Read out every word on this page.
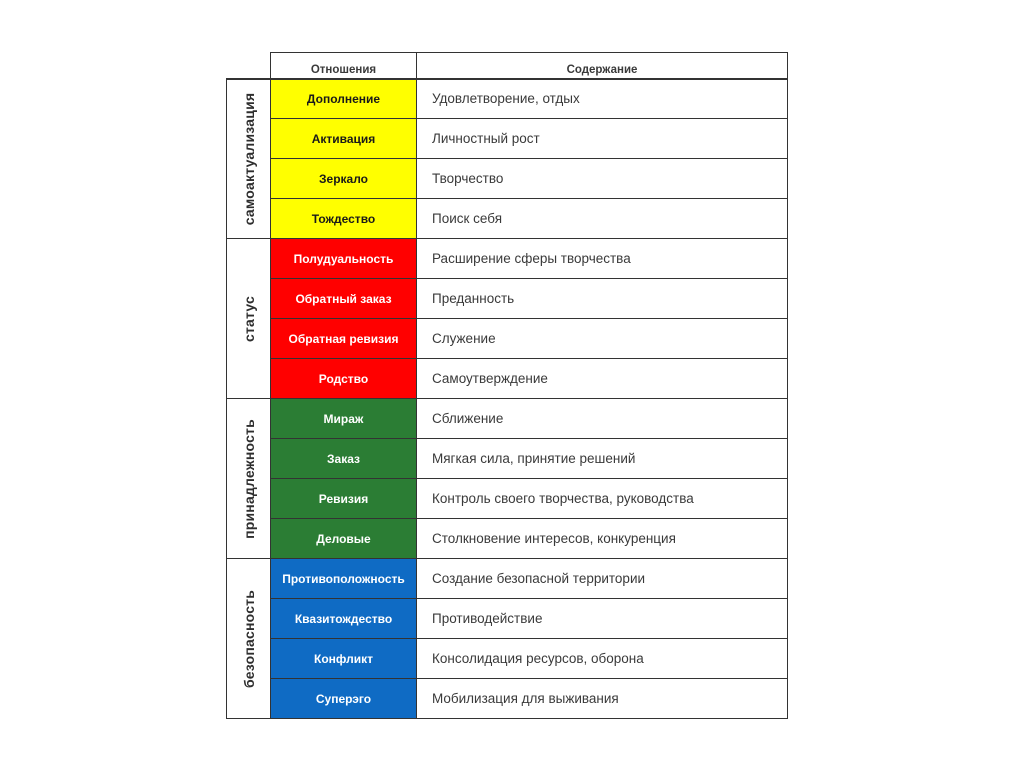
	Отношения	Содержание

самоактуализация	Дополнение	Удовлетворение, отдых
	Активация	Личностный рост
	Зеркало	Творчество
	Тождество	Поиск себя

статус	Полудуальность	Расширение сферы творчества
	Обратный заказ	Преданность
	Обратная ревизия	Служение
	Родство	Самоутверждение

принадлежность	Мираж	Сближение
	Заказ	Мягкая сила, принятие решений
	Ревизия	Контроль своего творчества, руководства
	Деловые	Столкновение интересов, конкуренция

безопасность	Противоположность	Создание безопасной территории
	Квазитождество	Противодействие
	Конфликт	Консолидация ресурсов, оборона
	Суперэго	Мобилизация для выживания
